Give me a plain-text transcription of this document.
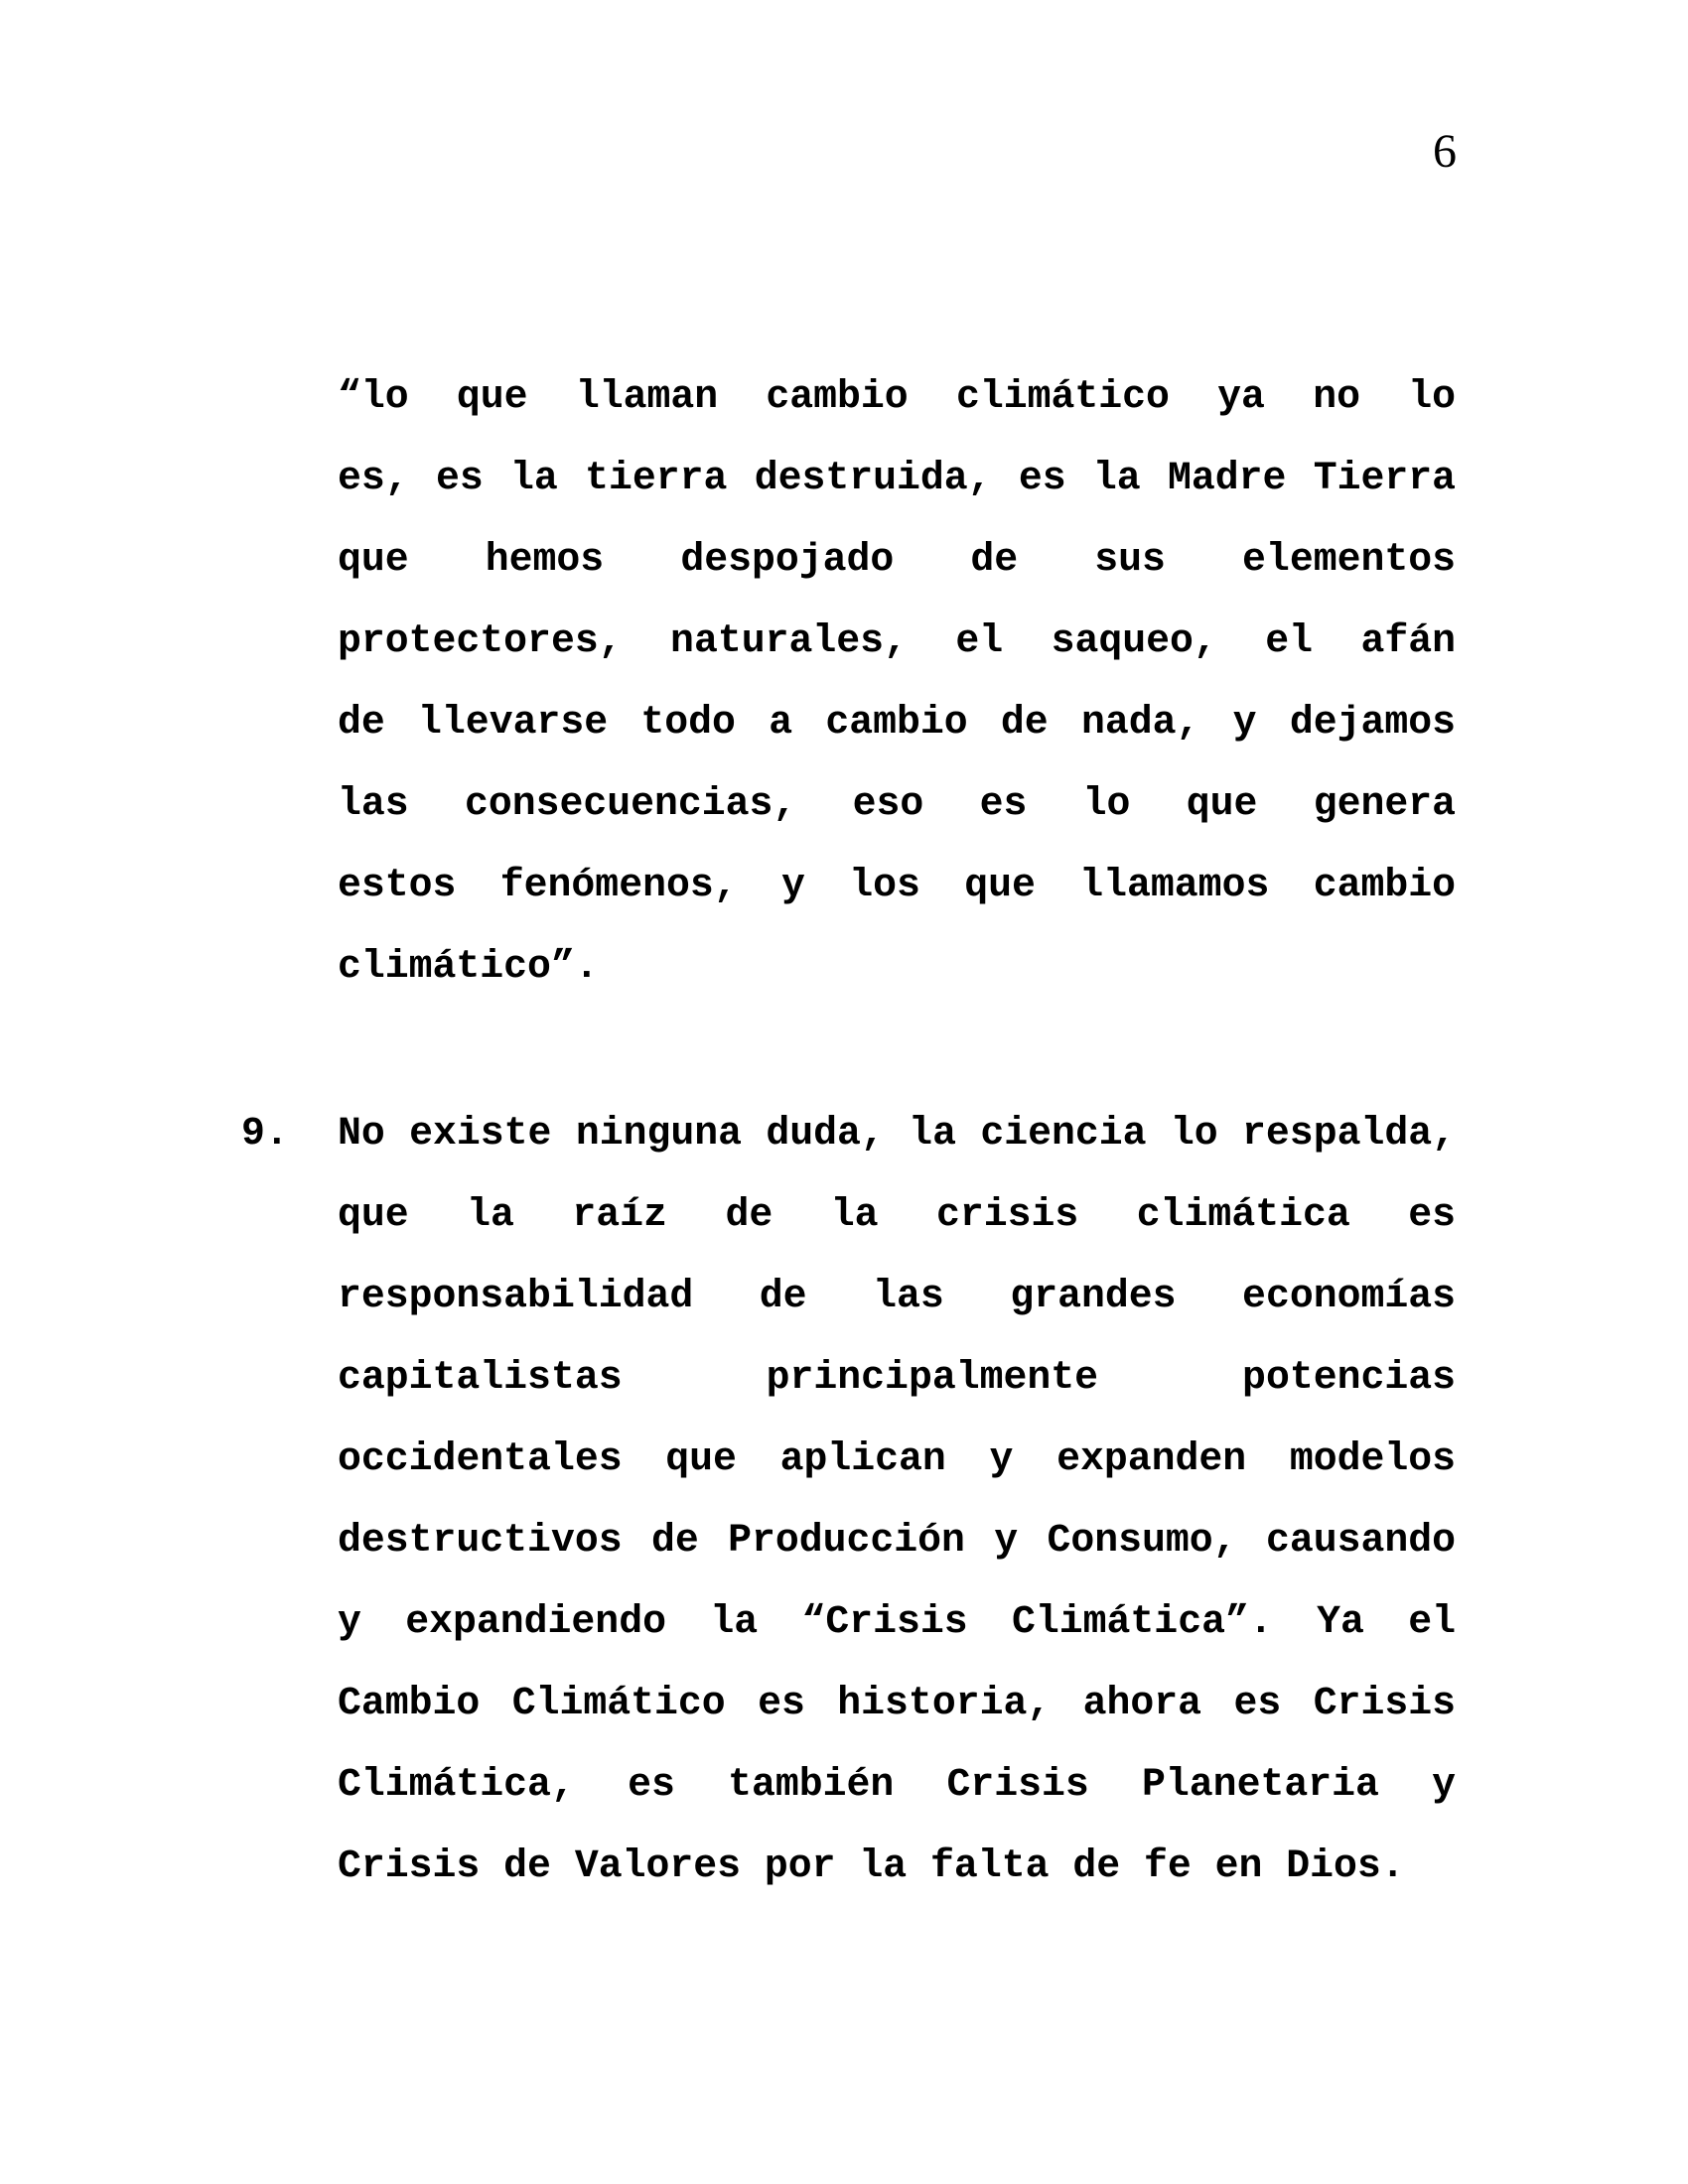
6
“lo que llaman cambio climático ya no lo
es, es la tierra destruida, es la Madre Tierra
que hemos despojado de sus elementos
protectores, naturales, el saqueo, el afán
de llevarse todo a cambio de nada, y dejamos
las consecuencias, eso es lo que genera
estos fenómenos, y los que llamamos cambio
climático”.
9. No existe ninguna duda, la ciencia lo respalda,
que la raíz de la crisis climática es
responsabilidad de las grandes economías
capitalistas principalmente potencias
occidentales que aplican y expanden modelos
destructivos de Producción y Consumo, causando
y expandiendo la “Crisis Climática”. Ya el
Cambio Climático es historia, ahora es Crisis
Climática, es también Crisis Planetaria y
Crisis de Valores por la falta de fe en Dios.
